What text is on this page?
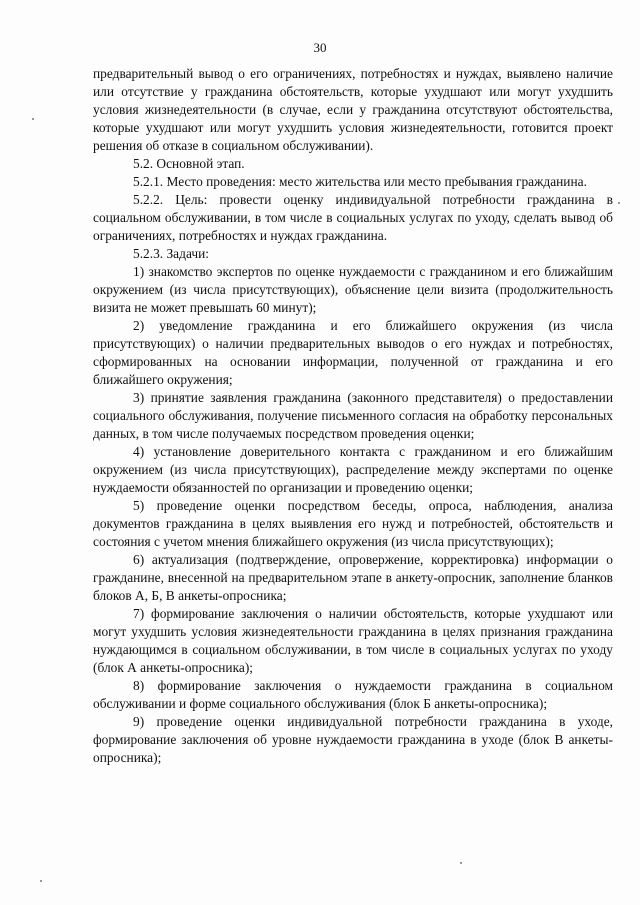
30

предварительный вывод о его ограничениях, потребностях и нуждах, выявлено наличие или отсутствие у гражданина обстоятельств, которые ухудшают или могут ухудшить условия жизнедеятельности (в случае, если у гражданина отсутствуют обстоятельства, которые ухудшают или могут ухудшить условия жизнедеятельности, готовится проект решения об отказе в социальном обслуживании).

5.2. Основной этап.

5.2.1. Место проведения: место жительства или место пребывания гражданина.

5.2.2. Цель: провести оценку индивидуальной потребности гражданина в социальном обслуживании, в том числе в социальных услугах по уходу, сделать вывод об ограничениях, потребностях и нуждах гражданина.

5.2.3. Задачи:

1) знакомство экспертов по оценке нуждаемости с гражданином и его ближайшим окружением (из числа присутствующих), объяснение цели визита (продолжительность визита не может превышать 60 минут);

2) уведомление гражданина и его ближайшего окружения (из числа присутствующих) о наличии предварительных выводов о его нуждах и потребностях, сформированных на основании информации, полученной от гражданина и его ближайшего окружения;

3) принятие заявления гражданина (законного представителя) о предоставлении социального обслуживания, получение письменного согласия на обработку персональных данных, в том числе получаемых посредством проведения оценки;

4) установление доверительного контакта с гражданином и его ближайшим окружением (из числа присутствующих), распределение между экспертами по оценке нуждаемости обязанностей по организации и проведению оценки;

5) проведение оценки посредством беседы, опроса, наблюдения, анализа документов гражданина в целях выявления его нужд и потребностей, обстоятельств и состояния с учетом мнения ближайшего окружения (из числа присутствующих);

6) актуализация (подтверждение, опровержение, корректировка) информации о гражданине, внесенной на предварительном этапе в анкету-опросник, заполнение бланков блоков А, Б, В анкеты-опросника;

7) формирование заключения о наличии обстоятельств, которые ухудшают или могут ухудшить условия жизнедеятельности гражданина в целях признания гражданина нуждающимся в социальном обслуживании, в том числе в социальных услугах по уходу (блок А анкеты-опросника);

8) формирование заключения о нуждаемости гражданина в социальном обслуживании и форме социального обслуживания (блок Б анкеты-опросника);

9) проведение оценки индивидуальной потребности гражданина в уходе, формирование заключения об уровне нуждаемости гражданина в уходе (блок В анкеты-опросника);
